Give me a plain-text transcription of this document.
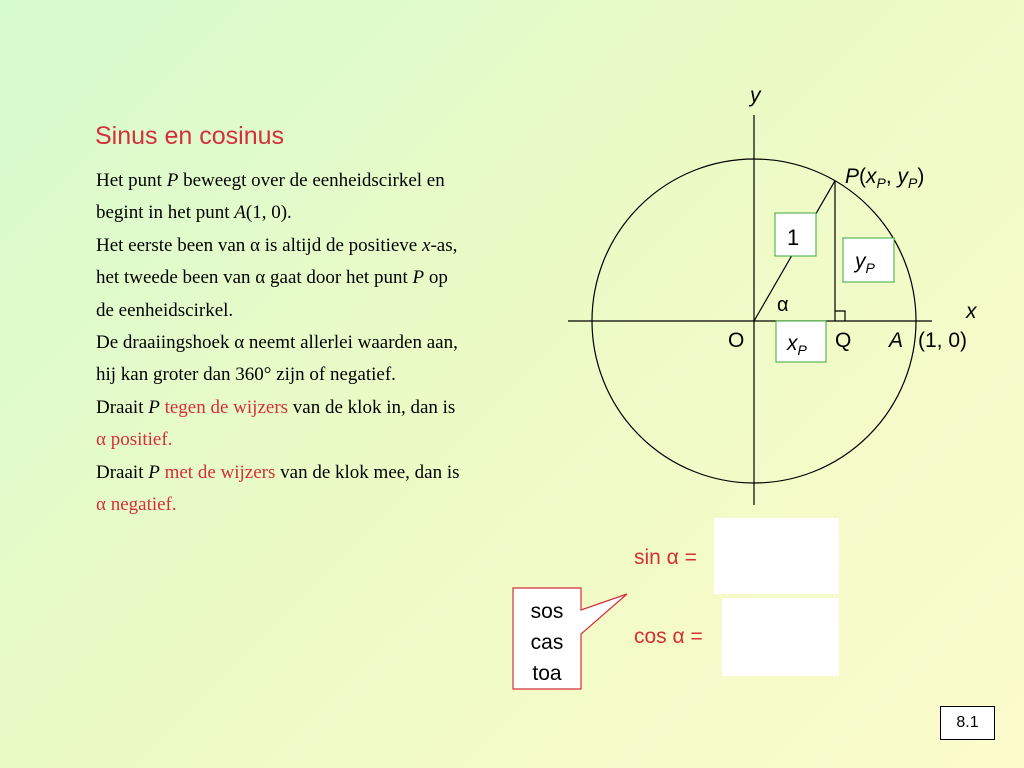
Sinus en cosinus
Het punt P beweegt over de eenheidscirkel en
begint in het punt A(1, 0).
Het eerste been van α is altijd de positieve x-as,
het tweede been van α gaat door het punt P op
de eenheidscirkel.
De draaiingshoek α neemt allerlei waarden aan,
hij kan groter dan 360° zijn of negatief.
Draait P tegen de wijzers van de klok in, dan is
α positief.
Draait P met de wijzers van de klok mee, dan is
α negatief.
y
x
O	Q A (1, 0)
α
$P(x_P$, $y_P$)
1
$y_P$
$x_P$
sin α =
cos α =
sos
cas
toa
8.1
